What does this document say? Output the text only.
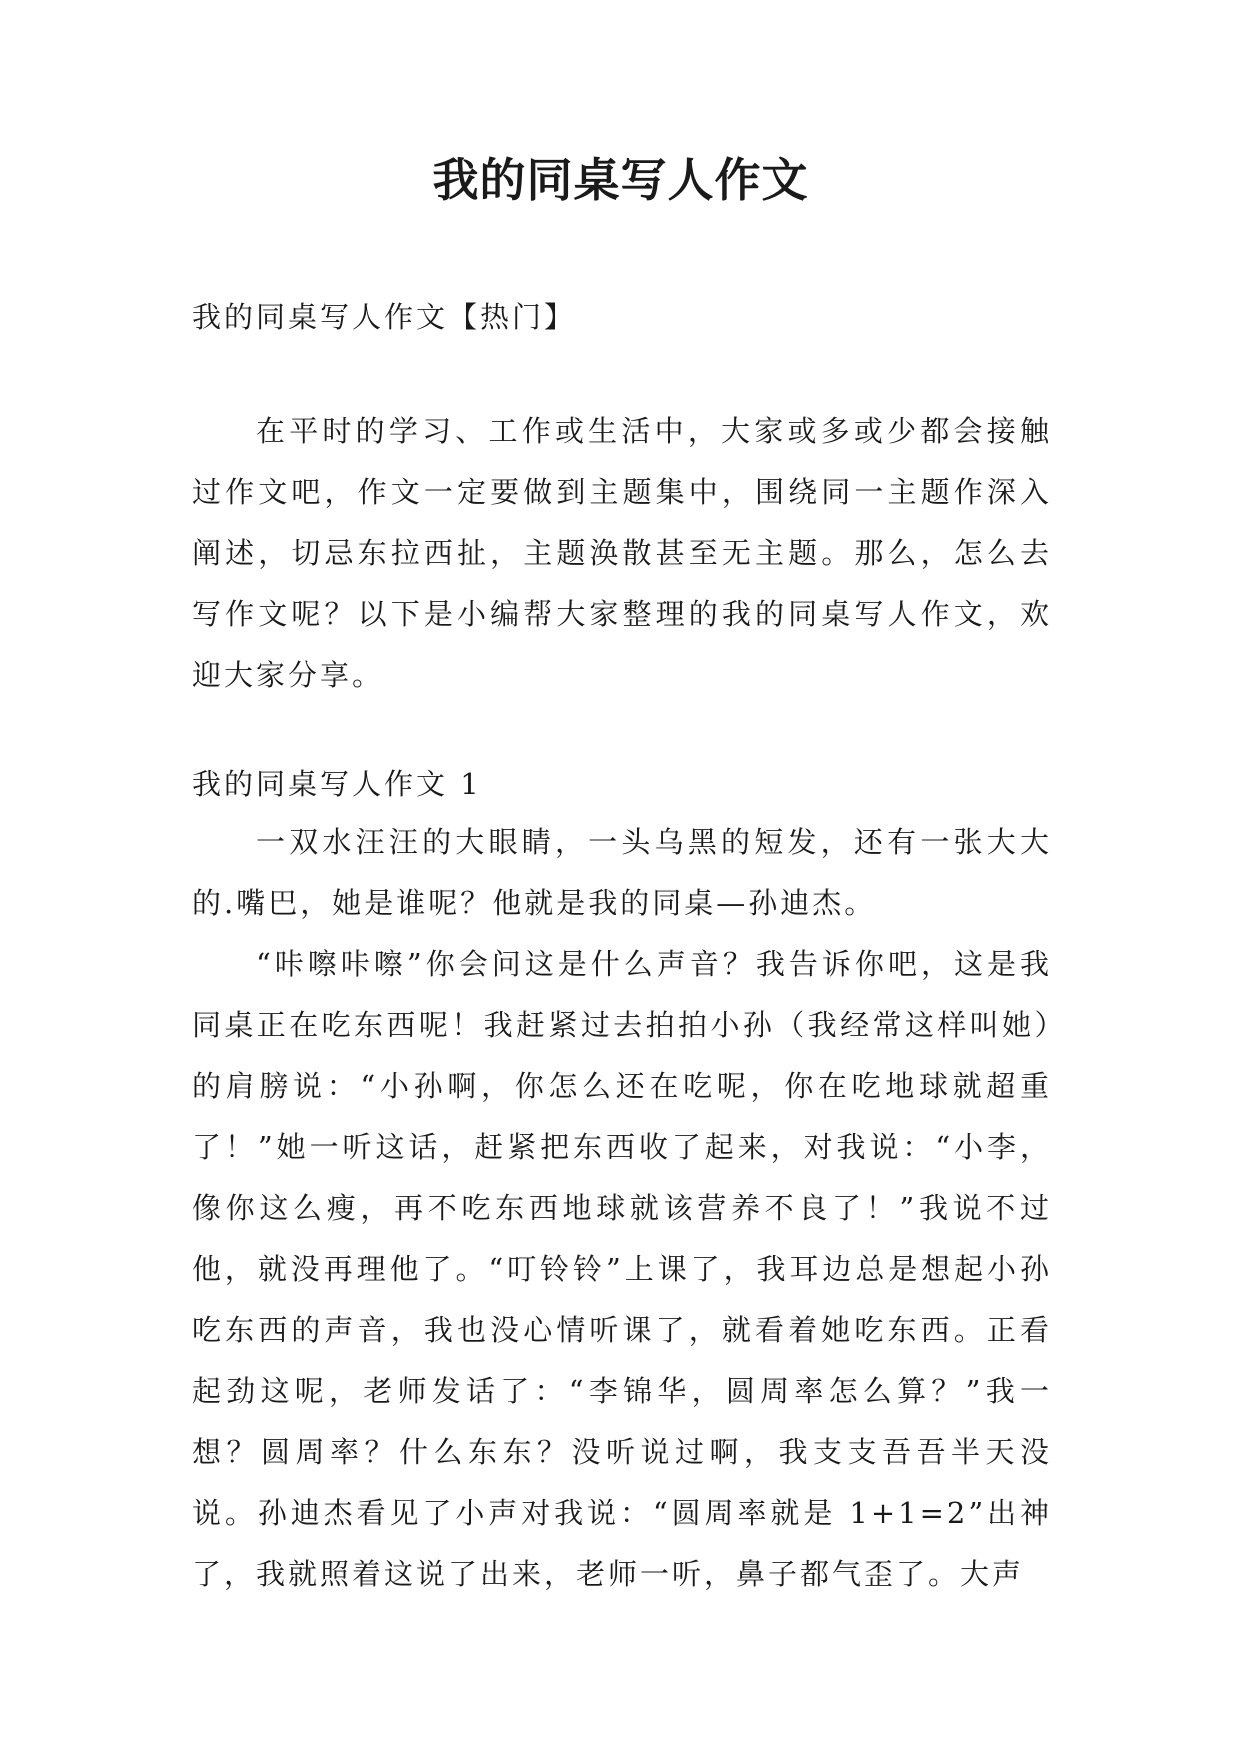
我的同桌写人作文

我的同桌写人作文【热门】

在平时的学习、工作或生活中，大家或多或少都会接触过作文吧，作文一定要做到主题集中，围绕同一主题作深入阐述，切忌东拉西扯，主题涣散甚至无主题。那么，怎么去写作文呢？以下是小编帮大家整理的我的同桌写人作文，欢迎大家分享。

我的同桌写人作文 1

一双水汪汪的大眼睛，一头乌黑的短发，还有一张大大的.嘴巴，她是谁呢？他就是我的同桌—孙迪杰。

“咔嚓咔嚓”你会问这是什么声音？我告诉你吧，这是我同桌正在吃东西呢！我赶紧过去拍拍小孙（我经常这样叫她）的肩膀说：“小孙啊，你怎么还在吃呢，你在吃地球就超重了！”她一听这话，赶紧把东西收了起来，对我说：“小李，像你这么瘦，再不吃东西地球就该营养不良了！”我说不过他，就没再理他了。“叮铃铃”上课了，我耳边总是想起小孙吃东西的声音，我也没心情听课了，就看着她吃东西。正看起劲这呢，老师发话了：“李锦华，圆周率怎么算？”我一想？圆周率？什么东东？没听说过啊，我支支吾吾半天没说。孙迪杰看见了小声对我说：“圆周率就是 1+1=2”出神了，我就照着这说了出来，老师一听，鼻子都气歪了。大声
